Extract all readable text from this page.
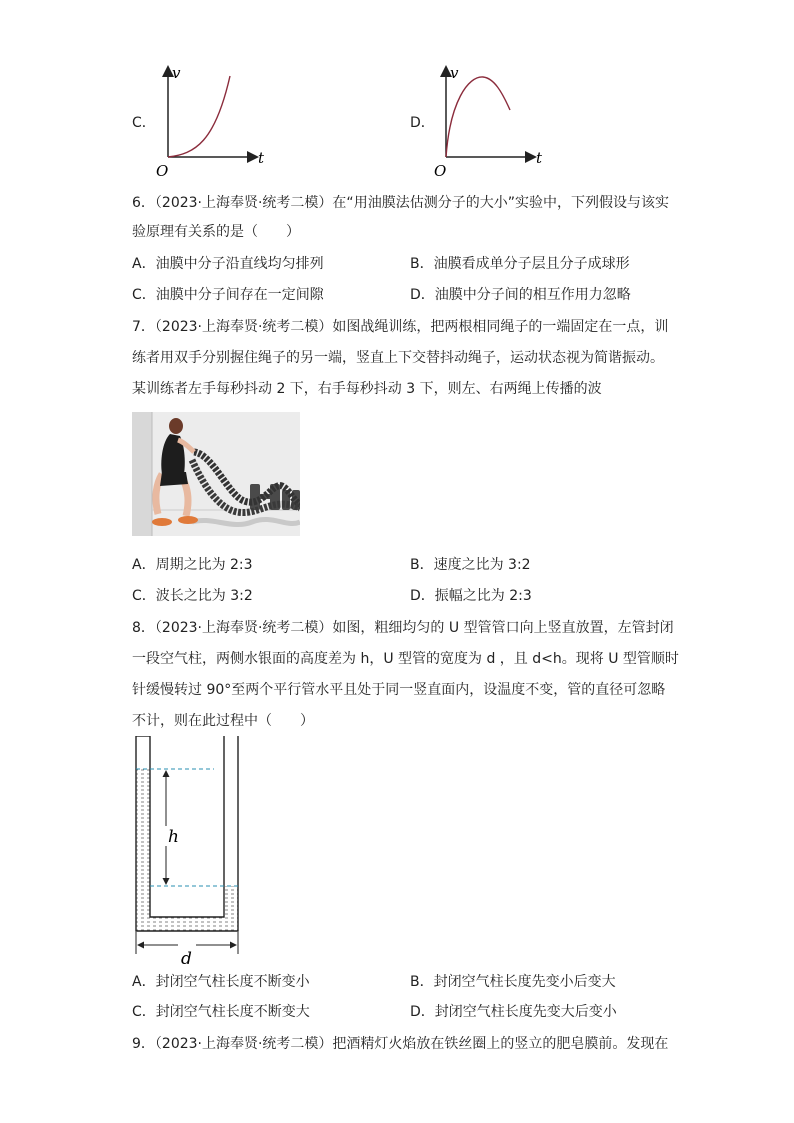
C．
v
t
O
D．
v
t
O
6．（2023·上海奉贤·统考二模）在“用油膜法估测分子的大小”实验中，下列假设与该实
验原理有关系的是（　　）
A．油膜中分子沿直线均匀排列	B．油膜看成单分子层且分子成球形
C．油膜中分子间存在一定间隙	D．油膜中分子间的相互作用力忽略
7．（2023·上海奉贤·统考二模）如图战绳训练，把两根相同绳子的一端固定在一点，训
练者用双手分别握住绳子的另一端，竖直上下交替抖动绳子，运动状态视为简谐振动。
某训练者左手每秒抖动 2 下，右手每秒抖动 3 下，则左、右两绳上传播的波
A．周期之比为 2:3	B．速度之比为 3:2
C．波长之比为 3:2	D．振幅之比为 2:3
8．（2023·上海奉贤·统考二模）如图，粗细均匀的 U 型管管口向上竖直放置，左管封闭
一段空气柱，两侧水银面的高度差为 h，U 型管的宽度为 d ，且 d<h。现将 U 型管顺时
针缓慢转过 90°至两个平行管水平且处于同一竖直面内，设温度不变，管的直径可忽略
不计，则在此过程中（　　）
h
d
A．封闭空气柱长度不断变小	B．封闭空气柱长度先变小后变大
C．封闭空气柱长度不断变大	D．封闭空气柱长度先变大后变小
9．（2023·上海奉贤·统考二模）把酒精灯火焰放在铁丝圈上的竖立的肥皂膜前。发现在
